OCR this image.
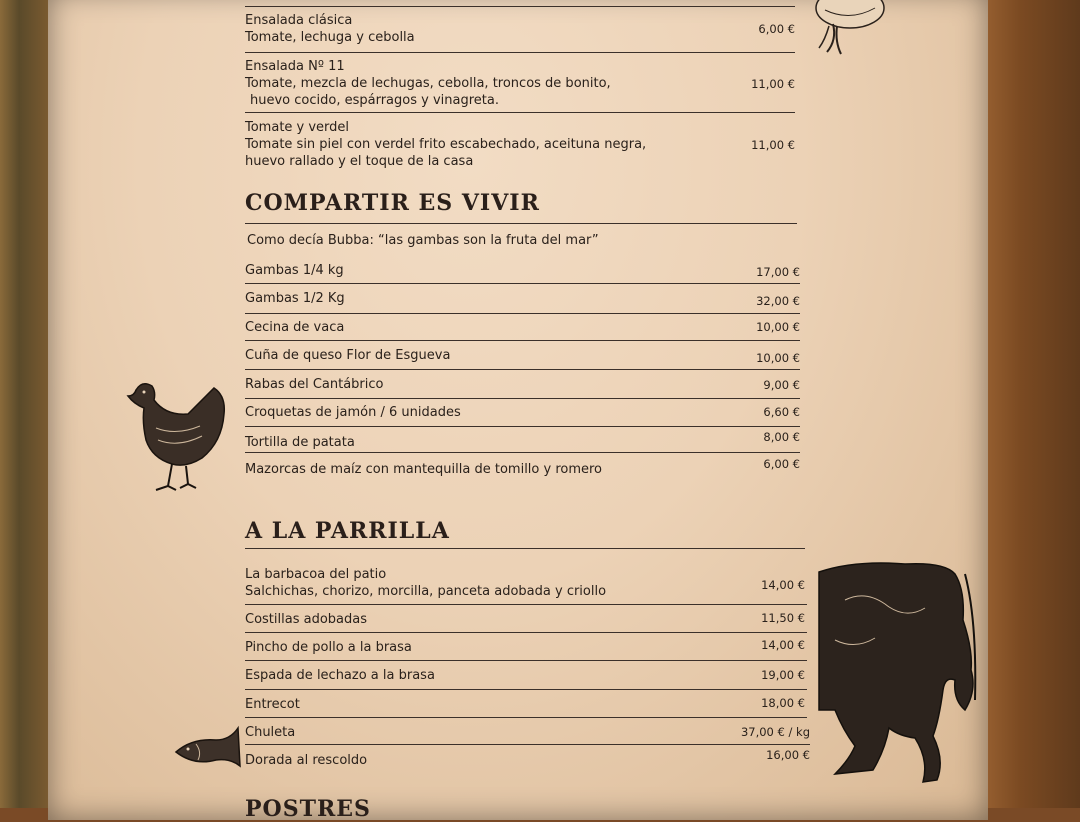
Ensalada clásica
Tomate, lechuga y cebolla
6,00 €
Ensalada Nº 11
Tomate, mezcla de lechugas, cebolla, troncos de bonito,
huevo cocido, espárragos y vinagreta.
11,00 €
Tomate y verdel
Tomate sin piel con verdel frito escabechado, aceituna negra,
huevo rallado y el toque de la casa
11,00 €
COMPARTIR ES VIVIR
Como decía Bubba: “las gambas son la fruta del mar”
Gambas 1/4 kg	17,00 €
Gambas 1/2 Kg	32,00 €
Cecina de vaca	10,00 €
Cuña de queso Flor de Esgueva	10,00 €
Rabas del Cantábrico	9,00 €
Croquetas de jamón / 6 unidades	6,60 €
Tortilla de patata	8,00 €
Mazorcas de maíz con mantequilla de tomillo y romero	6,00 €
A LA PARRILLA
La barbacoa del patio
Salchichas, chorizo, morcilla, panceta adobada y criollo	14,00 €
Costillas adobadas	11,50 €
Pincho de pollo a la brasa	14,00 €
Espada de lechazo a la brasa	19,00 €
Entrecot	18,00 €
Chuleta	37,00 € / kg
Dorada al rescoldo	16,00 €
POSTRES
